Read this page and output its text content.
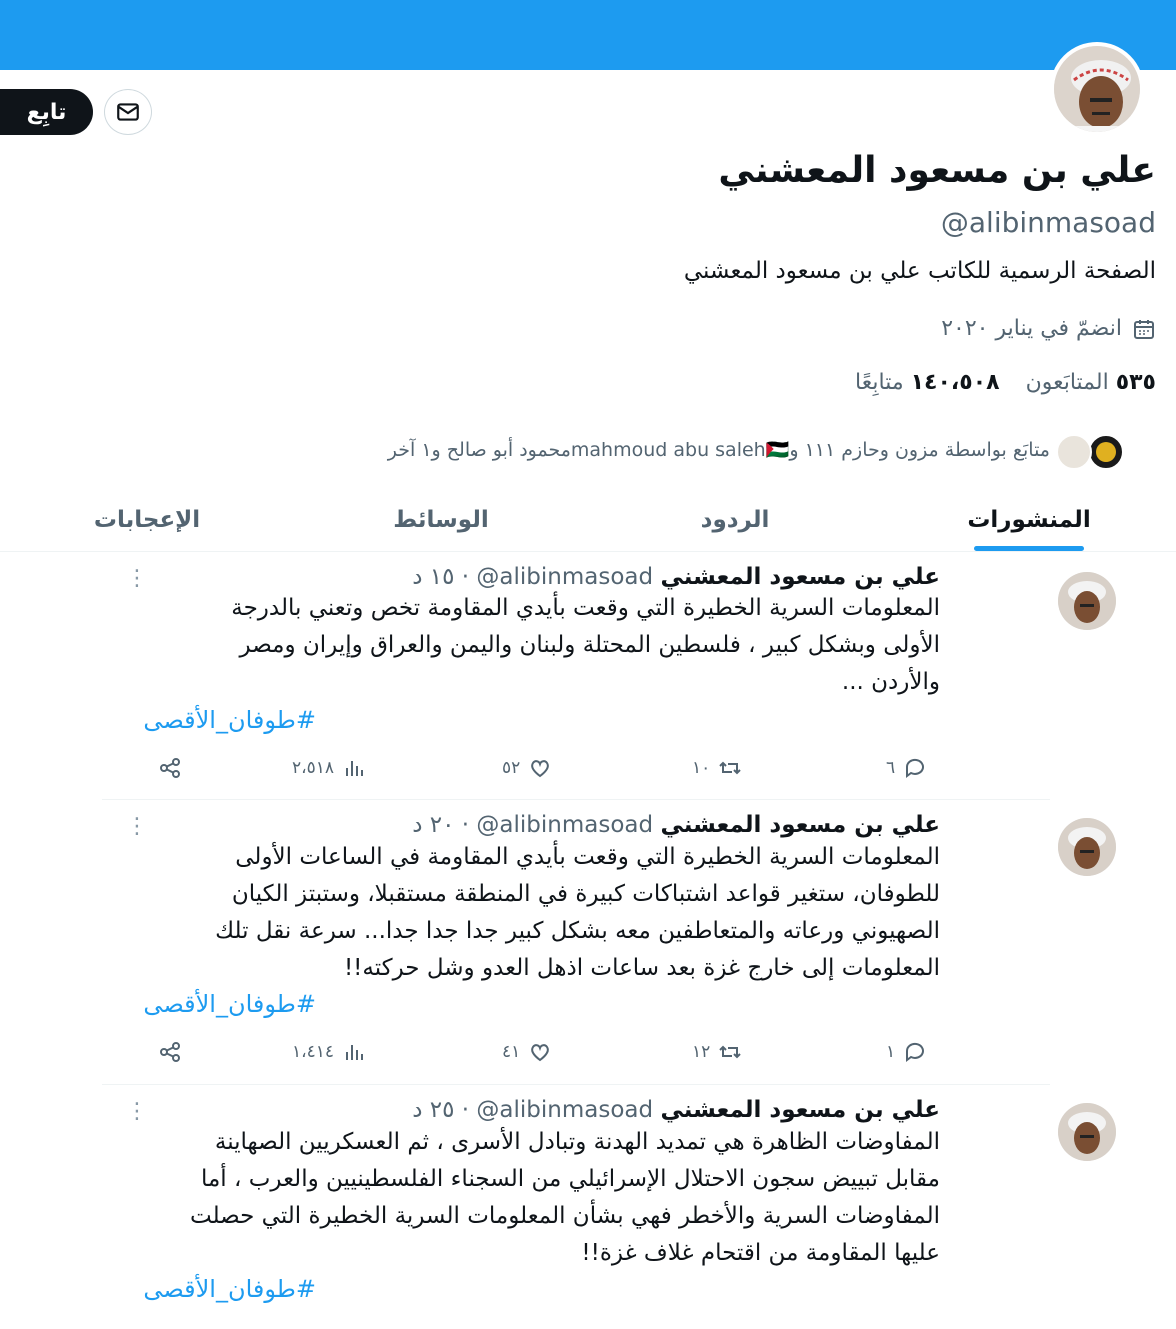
تابِع
علي بن مسعود المعشني
@alibinmasoad
الصفحة الرسمية للكاتب علي بن مسعود المعشني
انضمّ في يناير ٢٠٢٠
٥٣٥ المتابَعون
١٤٠،٥٠٨ متابِعًا
متابَع بواسطة مزون وحازم ١١١ وmahmoud abu saleh🇵🇸محمود أبو صالح و١ آخر
المنشورات
الردود
الوسائط
الإعجابات
علي بن مسعود المعشني @alibinmasoad · ١٥ د
⋮
المعلومات السرية الخطيرة التي وقعت بأيدي المقاومة تخص وتعني بالدرجة
الأولى وبشكل كبير ، فلسطين المحتلة ولبنان واليمن والعراق وإيران ومصر
والأردن ...
#طوفان_الأقصى
٦
١٠
٥٢
٢،٥١٨
علي بن مسعود المعشني @alibinmasoad · ٢٠ د
⋮
المعلومات السرية الخطيرة التي وقعت بأيدي المقاومة في الساعات الأولى
للطوفان، ستغير قواعد اشتباكات كبيرة في المنطقة مستقبلا، وستبتز الكيان
الصهيوني ورعاته والمتعاطفين معه بشكل كبير جدا جدا جدا... سرعة نقل تلك
المعلومات إلى خارج غزة بعد ساعات اذهل العدو وشل حركته!!
#طوفان_الأقصى
١
١٢
٤١
١،٤١٤
علي بن مسعود المعشني @alibinmasoad · ٢٥ د
⋮
المفاوضات الظاهرة هي تمديد الهدنة وتبادل الأسرى ، ثم العسكريين الصهاينة
مقابل تبييض سجون الاحتلال الإسرائيلي من السجناء الفلسطينيين والعرب ، أما
المفاوضات السرية والأخطر فهي بشأن المعلومات السرية الخطيرة التي حصلت
عليها المقاومة من اقتحام غلاف غزة!!
#طوفان_الأقصى
